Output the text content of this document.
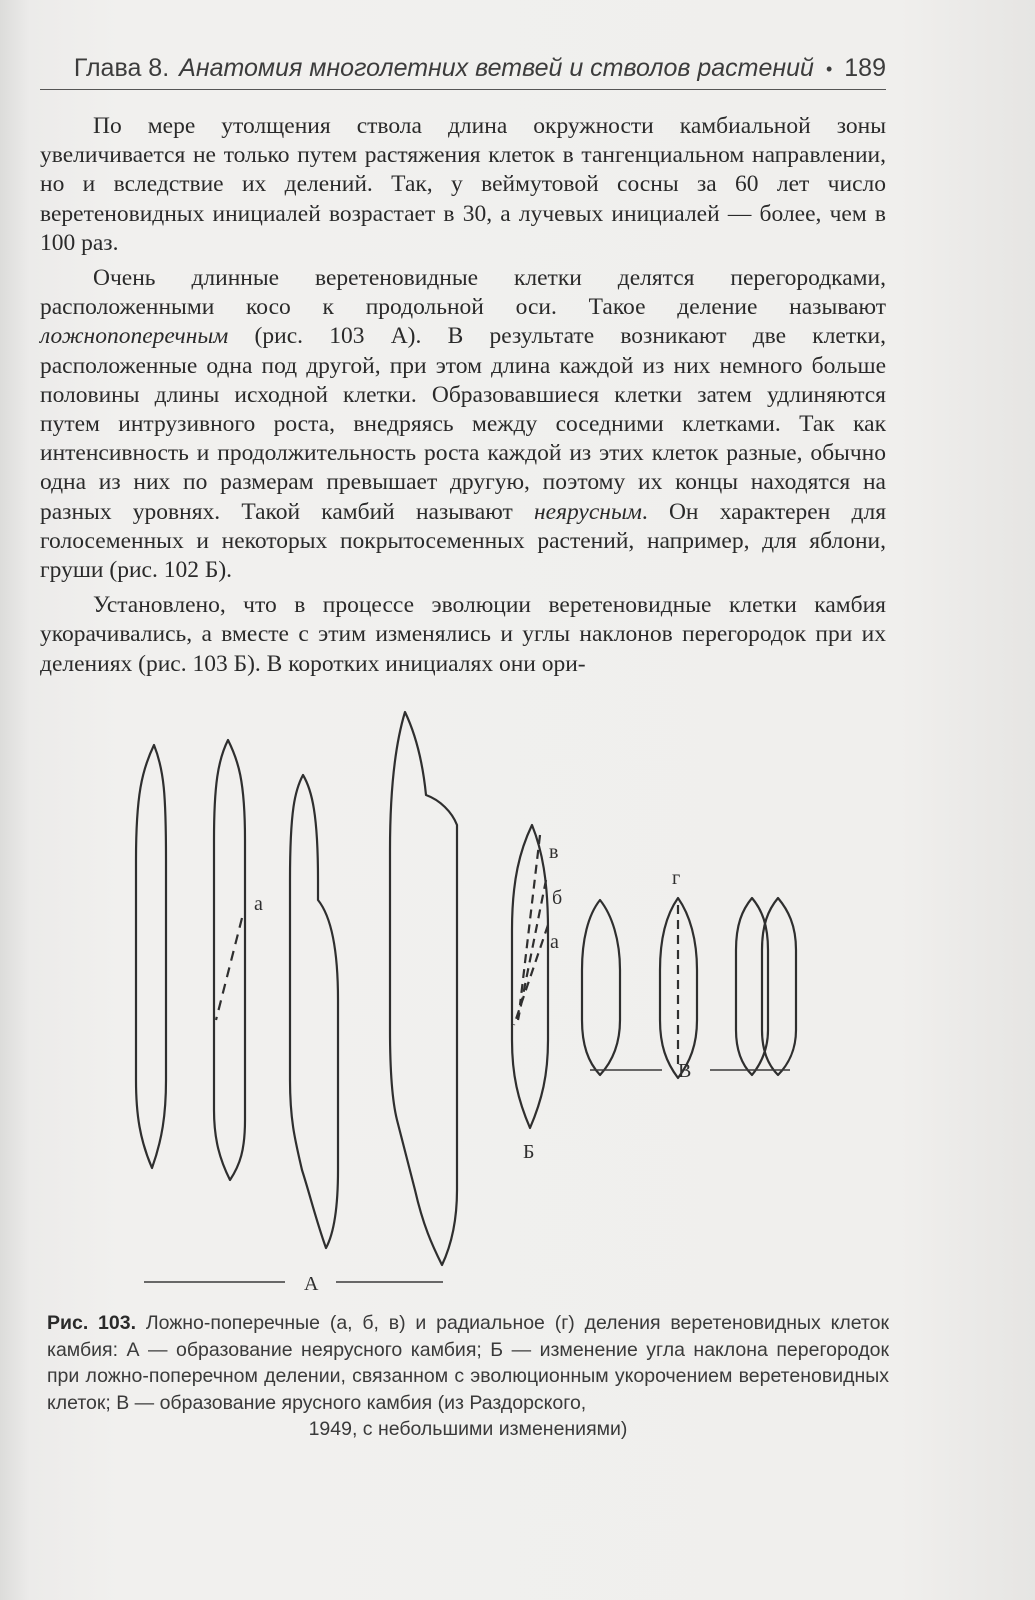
Глава 8. Анатомия многолетних ветвей и стволов растений • 189

По мере утолщения ствола длина окружности камбиальной зоны увеличивается не только путем растяжения клеток в тангенциальном направлении, но и вследствие их делений. Так, у веймутовой сосны за 60 лет число веретеновидных инициалей возрастает в 30, а лучевых инициалей — более, чем в 100 раз.

Очень длинные веретеновидные клетки делятся перегородками, расположенными косо к продольной оси. Такое деление называют ложнопоперечным (рис. 103 А). В результате возникают две клетки, расположенные одна под другой, при этом длина каждой из них немного больше половины длины исходной клетки. Образовавшиеся клетки затем удлиняются путем интрузивного роста, внедряясь между соседними клетками. Так как интенсивность и продолжительность роста каждой из этих клеток разные, обычно одна из них по размерам превышает другую, поэтому их концы находятся на разных уровнях. Такой камбий называют неярусным. Он характерен для голосеменных и некоторых покрытосеменных растений, например, для яблони, груши (рис. 102 Б).

Установлено, что в процессе эволюции веретеновидные клетки камбия укорачивались, а вместе с этим изменялись и углы наклонов перегородок при их делениях (рис. 103 Б). В коротких инициалях они ори-

а
А
в
б
а
Б
г
В
Рис. 103. Ложно-поперечные (а, б, в) и радиальное (г) деления веретеновидных клеток камбия: А — образование неярусного камбия; Б — изменение угла наклона перегородок при ложно-поперечном делении, связанном с эволюционным укорочением веретеновидных клеток; В — образование ярусного камбия (из Раздорского,
1949, с небольшими изменениями)
